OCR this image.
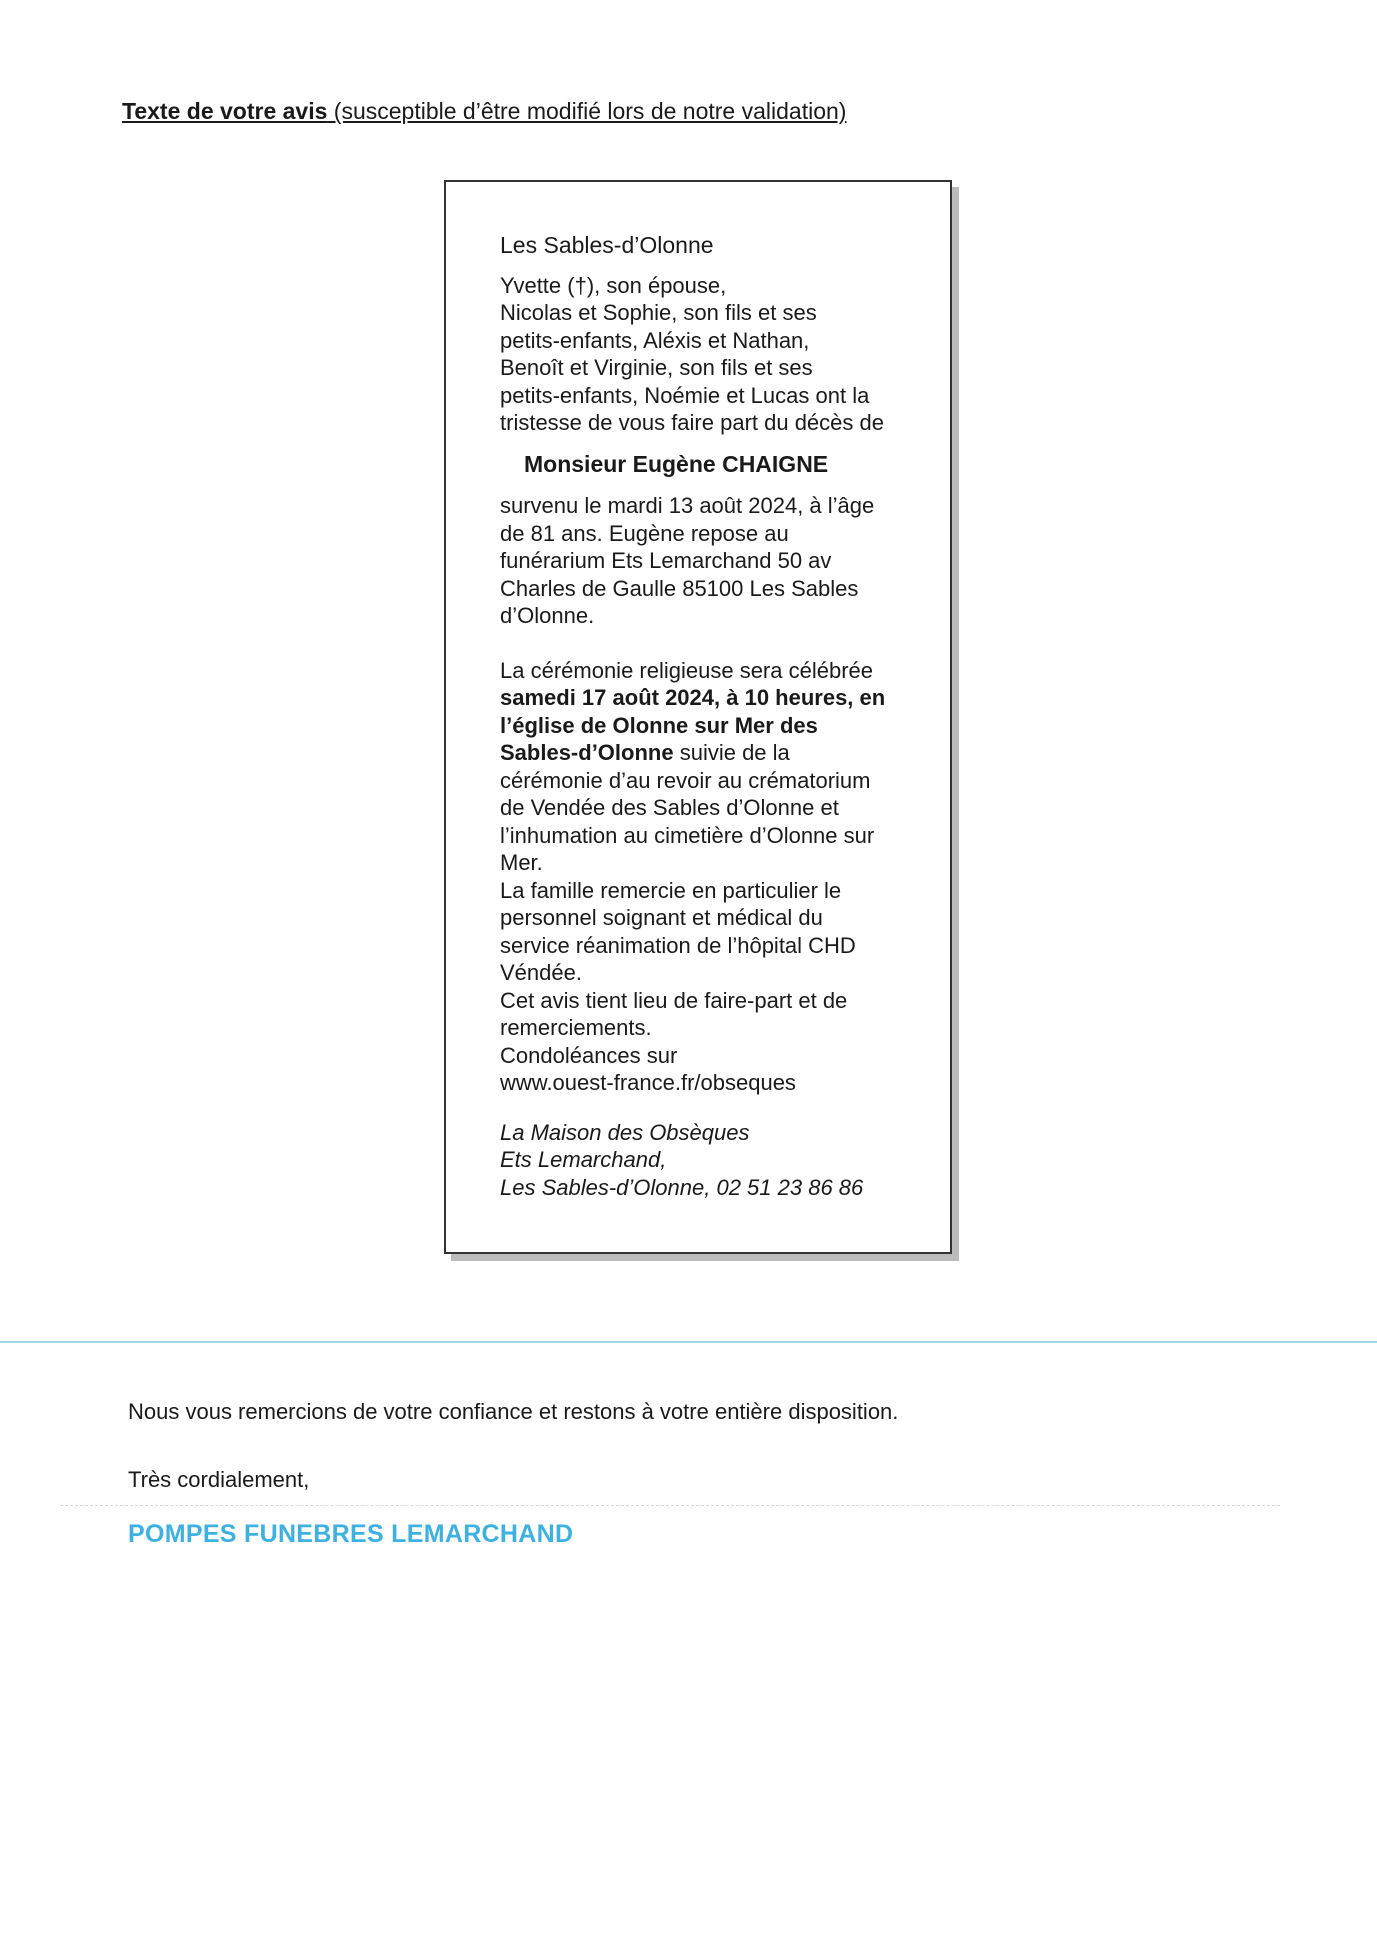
Texte de votre avis (susceptible d’être modifié lors de notre validation)

Les Sables-d’Olonne

Yvette (†), son épouse,

Nicolas et Sophie, son fils et ses

petits-enfants, Aléxis et Nathan,

Benoît et Virginie, son fils et ses

petits-enfants, Noémie et Lucas ont la

tristesse de vous faire part du décès de

Monsieur Eugène CHAIGNE

survenu le mardi 13 août 2024, à l’âge

de 81 ans. Eugène repose au

funérarium Ets Lemarchand 50 av

Charles de Gaulle 85100 Les Sables

d’Olonne.

La cérémonie religieuse sera célébrée

samedi 17 août 2024, à 10 heures, en

l’église de Olonne sur Mer des

Sables-d’Olonne suivie de la

cérémonie d’au revoir au crématorium

de Vendée des Sables d’Olonne et

l’inhumation au cimetière d’Olonne sur

Mer.

La famille remercie en particulier le

personnel soignant et médical du

service réanimation de l’hôpital CHD

Véndée.

Cet avis tient lieu de faire-part et de

remerciements.

Condoléances sur

www.ouest-france.fr/obseques

La Maison des Obsèques

Ets Lemarchand,

Les Sables-d’Olonne, 02 51 23 86 86

Nous vous remercions de votre confiance et restons à votre entière disposition.

Très cordialement,

POMPES FUNEBRES LEMARCHAND
